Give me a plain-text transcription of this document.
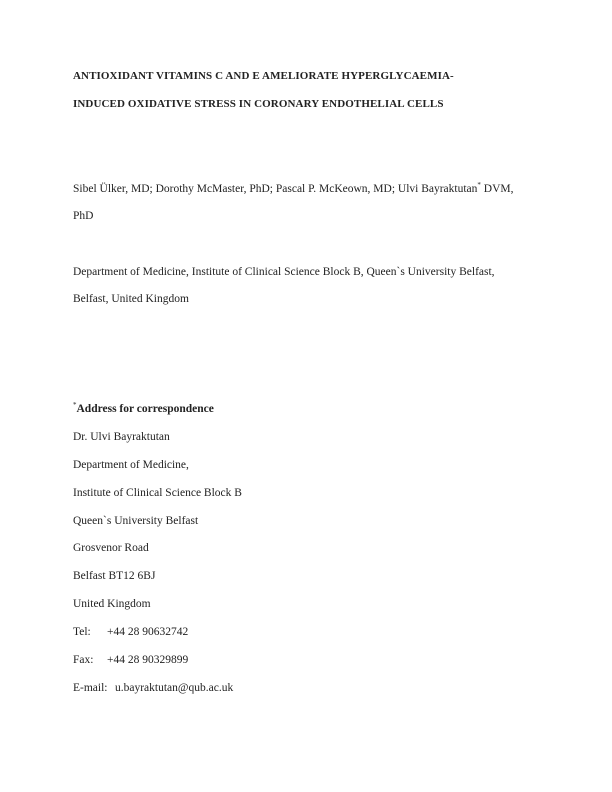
ANTIOXIDANT VITAMINS C AND E AMELIORATE HYPERGLYCAEMIA-
INDUCED OXIDATIVE STRESS IN CORONARY ENDOTHELIAL CELLS
Sibel Ülker, MD; Dorothy McMaster, PhD; Pascal P. McKeown, MD; Ulvi Bayraktutan* DVM,
PhD
Department of Medicine, Institute of Clinical Science Block B, Queen`s University Belfast,
Belfast, United Kingdom
*Address for correspondence
Dr. Ulvi Bayraktutan
Department of Medicine,
Institute of Clinical Science Block B
Queen`s University Belfast
Grosvenor Road
Belfast BT12 6BJ
United Kingdom
Tel: +44 28 90632742
Fax: +44 28 90329899
E-mail: u.bayraktutan@qub.ac.uk
